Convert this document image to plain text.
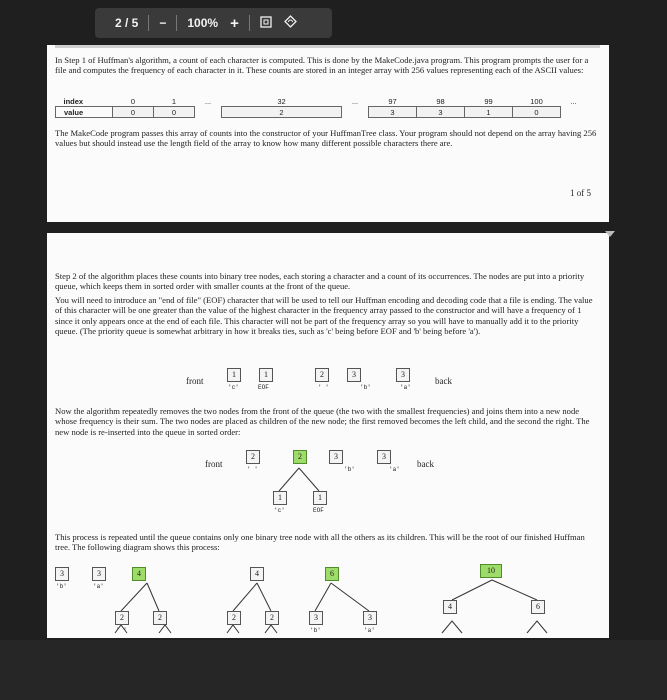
2 / 5	−	100% +
In Step 1 of Huffman's algorithm, a count of each character is computed. This is done by the MakeCode.java program. This program prompts the user for a file and computes the frequency of each character in it. These counts are stored in an integer array with 256 values representing each of the ASCII values:
index	0	1	...	32	...	97	98	99	100	...
value	0	0		2		3	3	1	0	
The MakeCode program passes this array of counts into the constructor of your HuffmanTree class. Your program should not depend on the array having 256 values but should instead use the length field of the array to know how many different possible characters there are.
1 of 5
Step 2 of the algorithm places these counts into binary tree nodes, each storing a character and a count of its occurrences. The nodes are put into a priority queue, which keeps them in sorted order with smaller counts at the front of the queue.
You will need to introduce an "end of file" (EOF) character that will be used to tell our Huffman encoding and decoding code that a file is ending. The value of this character will be one greater than the value of the highest character in the frequency array passed to the constructor and will have a frequency of 1 since it only appears once at the end of each file. This character will not be part of the frequency array so you will have to manually add it to the priority queue. (The priority queue is somewhat arbitrary in how it breaks ties, such as 'c' being before EOF and 'b' being before 'a').
front	back
1
'c'
1
EOF
2
' '
3
'b'
3
'a'
Now the algorithm repeatedly removes the two nodes from the front of the queue (the two with the smallest frequencies) and joins them into a new node whose frequency is their sum. The two nodes are placed as children of the new node; the first removed becomes the left child, and the second the right. The new node is re-inserted into the queue in sorted order:
front	back
2
' '
2	3
'b'
3
'a'
1
'c'
1
EOF
This process is repeated until the queue contains only one binary tree node with all the others as its children. This will be the root of our finished Huffman tree. The following diagram shows this process:
3
'b'
3
'a'
4
2
' '
2
4	6
2	2	3
'b'
3
'a'
10
4	6
